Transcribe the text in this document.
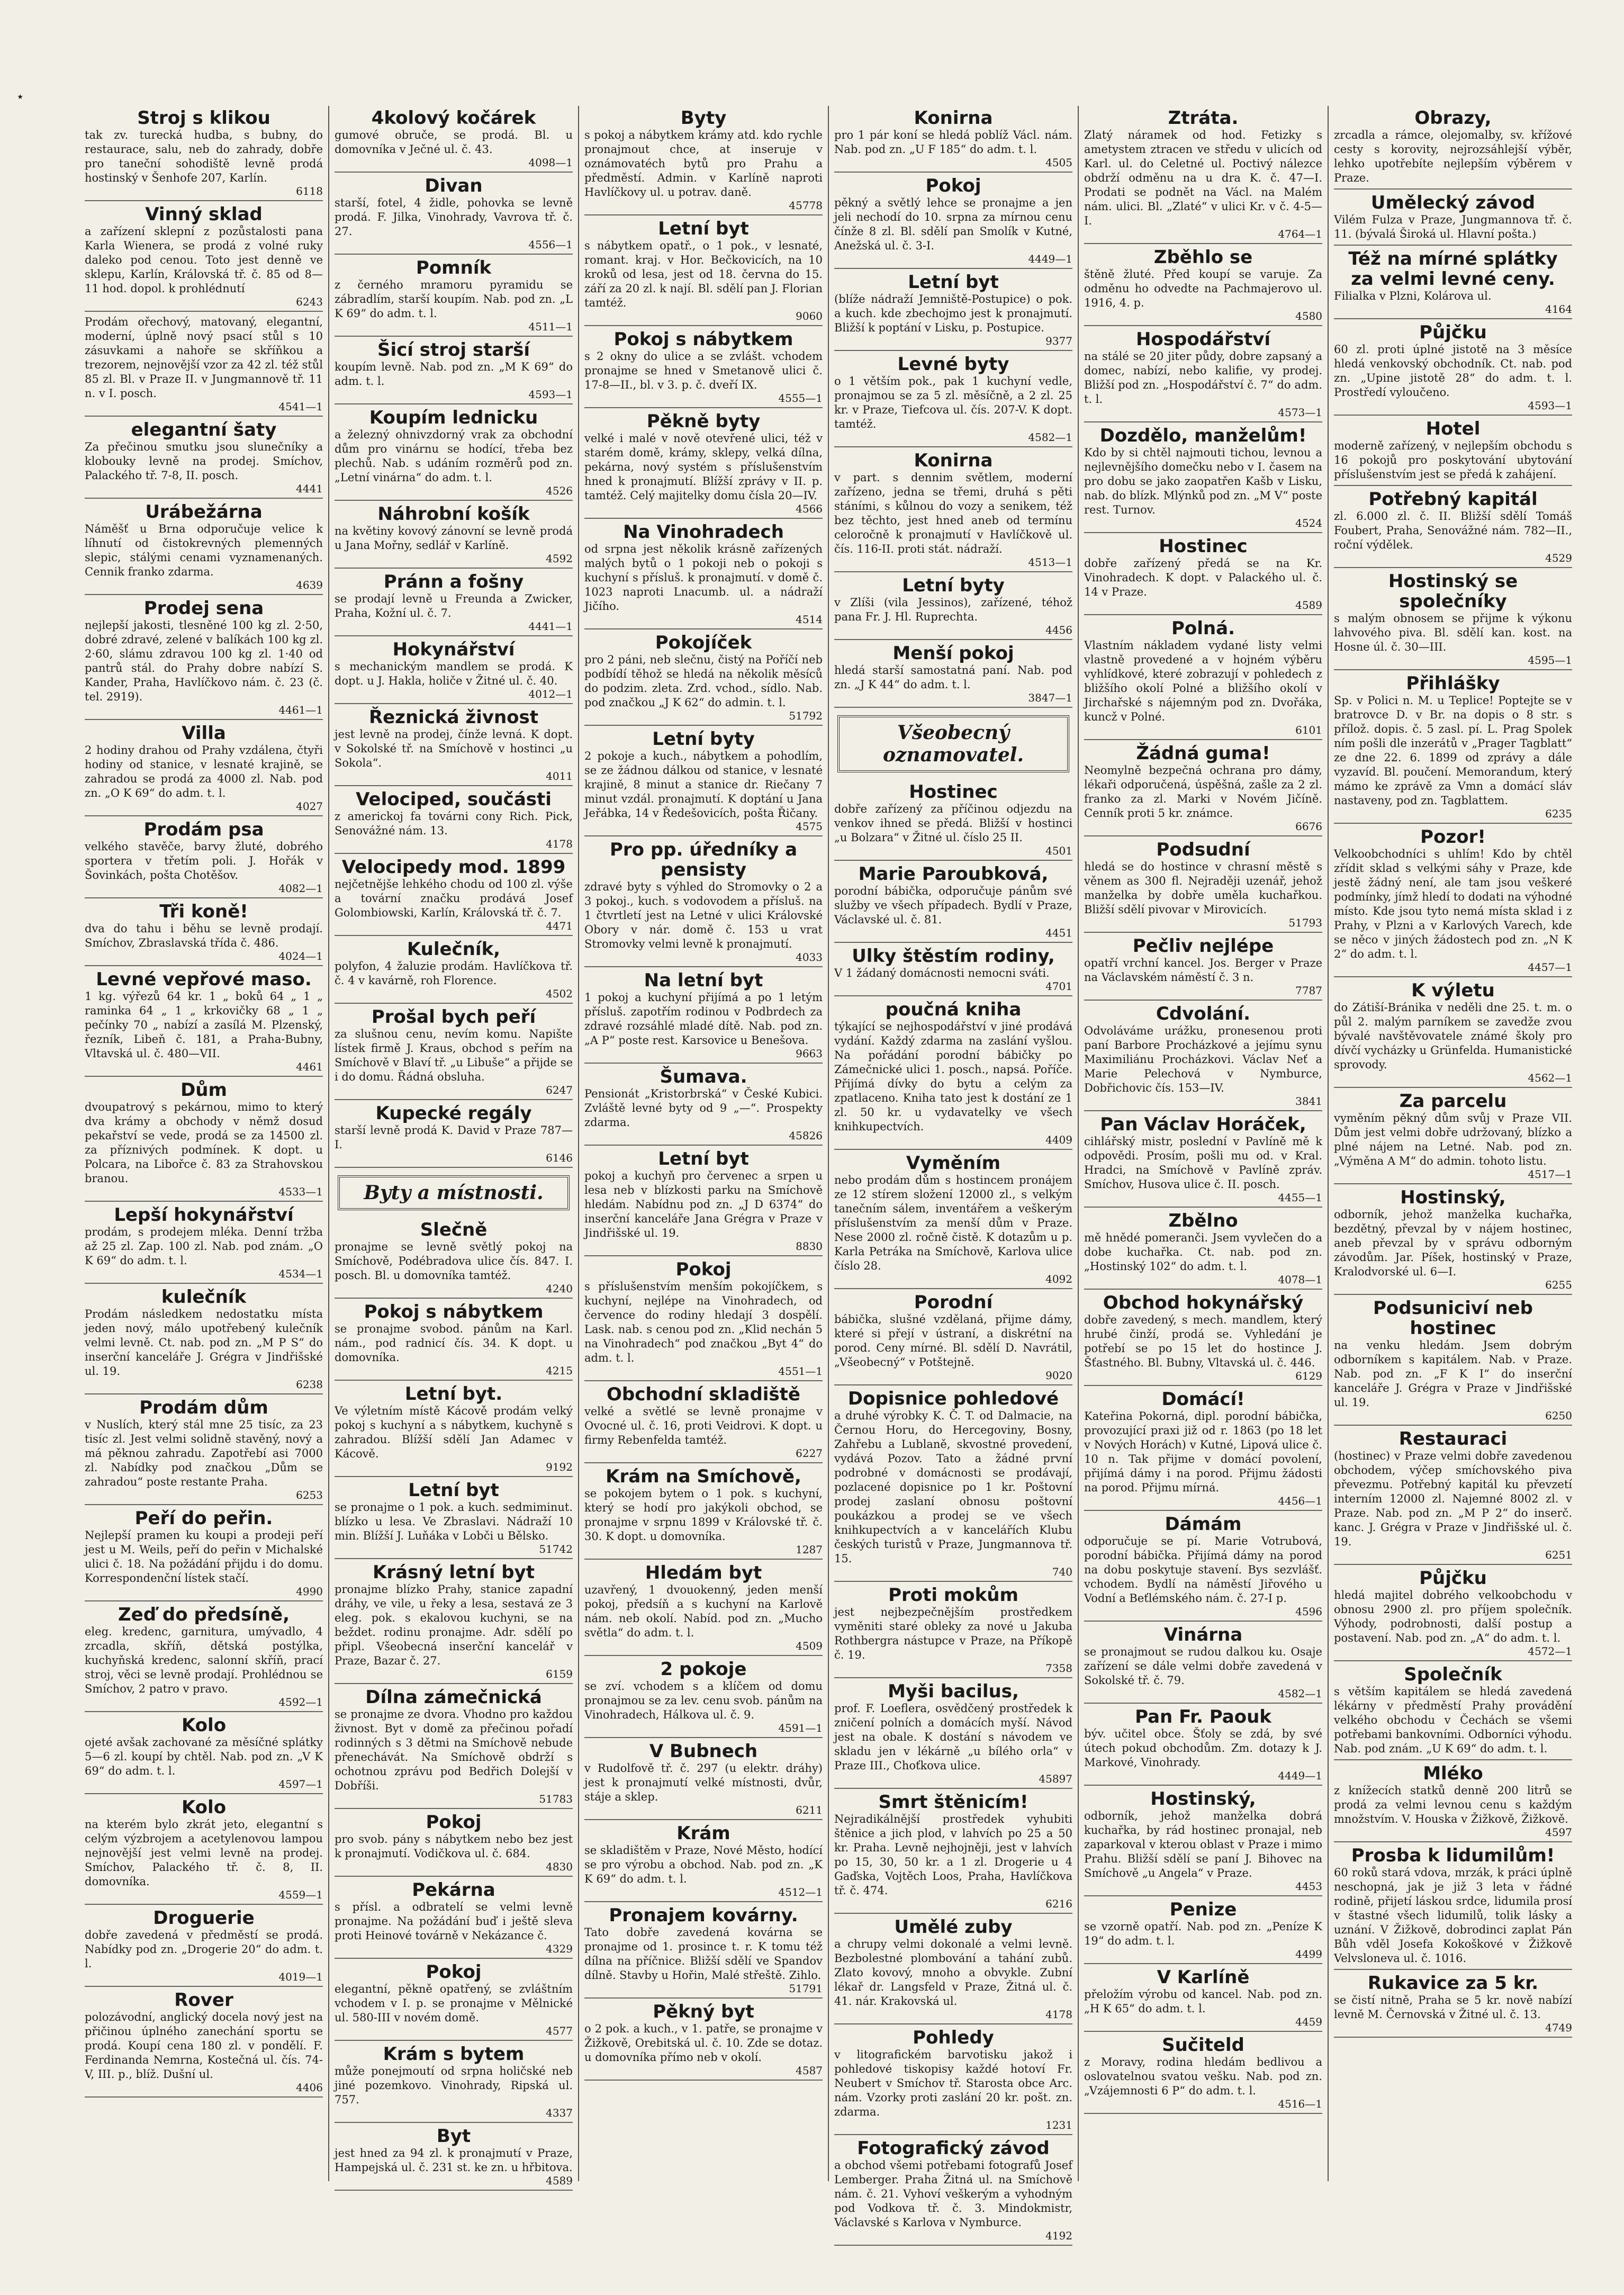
⋆
Stroj s klikou

tak zv. turecká hudba, s bubny, do restaurace, salu, neb do zahrady, dobře pro taneční sohodiště levně prodá hostinský v Šenhofe 207, Karlín.

6118
Vinný sklad

a zařízení sklepní z pozůstalosti pana Karla Wienera, se prodá z volné ruky daleko pod cenou. Toto jest denně ve sklepu, Karlín, Královská tř. č. 85 od 8—11 hod. dopol. k prohlédnutí

6243

Prodám ořechový, matovaný, elegantní, moderní, úplně nový psací stůl s 10 zásuvkami a nahoře se skříňkou a trezorem, nejnovější vzor za 42 zl. též stůl 85 zl. Bl. v Praze II. v Jungmannově tř. 11 n. v I. posch.

4541—1
elegantní šaty

Za přečinou smutku jsou slunečníky a klobouky levně na prodej. Smíchov, Palackého tř. 7-8, II. posch.

4441
Urábežárna

Náměšť u Brna odporučuje velice k líhnutí od čistokrevných plemenných slepic, stálými cenami vyznamenaných. Cennik franko zdarma.

4639
Prodej sena

nejlepší jakosti, tlesněné 100 kg zl. 2·50, dobré zdravé, zelené v balíkách 100 kg zl. 2·60, slámu zdravou 100 kg zl. 1·40 od pantrů stál. do Prahy dobre nabízí S. Kander, Praha, Havlíčkovo nám. č. 23 (č. tel. 2919).

4461—1
Villa

2 hodiny drahou od Prahy vzdálena, čtyři hodiny od stanice, v lesnaté krajině, se zahradou se prodá za 4000 zl. Nab. pod zn. „O K 69“ do adm. t. l.

4027
Prodám psa

velkého stavěče, barvy žluté, dobrého sportera v třetím poli. J. Hořák v Šovinkách, pošta Chotěšov.

4082—1
Tři koně!

dva do tahu i běhu se levně prodají. Smíchov, Zbraslavská třída č. 486.

4024—1
Levné vepřové maso.

1 kg. výřezů 64 kr. 1 „ boků 64 „ 1 „ raminka 64 „ 1 „ krkovičky 68 „ 1 „ pečínky 70 „ nabízí a zasílá M. Plzenský, řezník, Libeň č. 181, a Praha-Bubny, Vltavská ul. č. 480—VII.

4461
Dům

dvoupatrový s pekárnou, mimo to který dva krámy a obchody v němž dosud pekařství se vede, prodá se za 14500 zl. za příznivých podmínek. K dopt. u Polcara, na Libořce č. 83 za Strahovskou branou.

4533—1
Lepší hokynářství

prodám, s prodejem mléka. Denní tržba až 25 zl. Zap. 100 zl. Nab. pod znám. „O K 69“ do adm. t. l.

4534—1
kulečník

Prodám následkem nedostatku místa jeden nový, málo upotřebený kulečník velmi levně. Ct. nab. pod zn. „M P S“ do inserční kanceláře J. Grégra v Jindřišské ul. 19.

6238
Prodám dům

v Nuslích, který stál mne 25 tisíc, za 23 tisíc zl. Jest velmi solidně stavěný, nový a má pěknou zahradu. Zapotřebí asi 7000 zl. Nabídky pod značkou „Dům se zahradou“ poste restante Praha.

6253
Peří do peřin.

Nejlepší pramen ku koupi a prodeji peří jest u M. Weils, peří do peřin v Michalské ulici č. 18. Na požádání přijdu i do domu. Korrespondenční lístek stačí.

4990
Zeď do předsíně,

eleg. kredenc, garnitura, umývadlo, 4 zrcadla, skříň, dětská postýlka, kuchyňská kredenc, salonní skříň, prací stroj, věci se levně prodají. Prohlédnou se Smíchov, 2 patro v pravo.

4592—1
Kolo

ojeté avšak zachované za měsíčné splátky 5—6 zl. koupí by chtěl. Nab. pod zn. „V K 69“ do adm. t. l.

4597—1
Kolo

na kterém bylo zkrát jeto, elegantní s celým výzbrojem a acetylenovou lampou nejnovější jest velmi levně na prodej. Smíchov, Palackého tř. č. 8, II. domovníka.

4559—1
Droguerie

dobře zavedená v předměstí se prodá. Nabídky pod zn. „Drogerie 20“ do adm. t. l.

4019—1
Rover

polozávodní, anglický docela nový jest na přičinou úplného zanechání sportu se prodá. Koupí cena 180 zl. v pondělí. F. Ferdinanda Nemrna, Kostečná ul. čís. 74-V, III. p., blíž. Dušní ul.

4406
4kolový kočárek

gumové obruče, se prodá. Bl. u domovníka v Ječné ul. č. 43.

4098—1
Divan

starší, fotel, 4 židle, pohovka se levně prodá. F. Jilka, Vinohrady, Vavrova tř. č. 27.

4556—1
Pomník

z černého mramoru pyramidu se zábradlím, starší koupím. Nab. pod zn. „L K 69“ do adm. t. l.

4511—1
Šicí stroj starší

koupím levně. Nab. pod zn. „M K 69“ do adm. t. l.

4593—1
Koupím lednicku

a železný ohnivzdorný vrak za obchodní dům pro vinárnu se hodící, třeba bez plechů. Nab. s udáním rozměrů pod zn. „Letní vinárna“ do adm. t. l.

4526
Náhrobní košík

na květiny kovový zánovní se levně prodá u Jana Mořny, sedlář v Karlíně.

4592
Pránn a fošny

se prodají levně u Freunda a Zwicker, Praha, Kožní ul. č. 7.

4441—1
Hokynářství

s mechanickým mandlem se prodá. K dopt. u J. Hakla, holiče v Žitné ul. č. 40.

4012—1
Řeznická živnost

jest levně na prodej, čínže levná. K dopt. v Sokolské tř. na Smíchově v hostinci „u Sokola“.

4011
Velociped, součásti

z americkoj fa továrni cony Rich. Pick, Senovážné nám. 13.

4178
Velocipedy mod. 1899

nejčetnějše lehkého chodu od 100 zl. výše a tovární značku prodává Josef Golombiowski, Karlín, Královská tř. č. 7.

4471
Kulečník,

polyfon, 4 žaluzie prodám. Havlíčkova tř. č. 4 v kavárně, roh Florence.

4502
Prošal bych peří

za slušnou cenu, nevím komu. Napište lístek firmě J. Kraus, obchod s peřím na Smíchově v Blaví tř. „u Libuše“ a přijde se i do domu. Řádná obsluha.

6247
Kupecké regály

starší levně prodá K. David v Praze 787—I.

6146
Byty a místnosti.
Slečně

pronajme se levně světlý pokoj na Smíchově, Podébradova ulice čís. 847. I. posch. Bl. u domovníka tamtéž.

4240
Pokoj s nábytkem

se pronajme svobod. pánům na Karl. nám., pod radnicí čís. 34. K dopt. u domovníka.

4215
Letní byt.

Ve výletním místě Kácově prodám velký pokoj s kuchyní a s nábytkem, kuchyně s zahradou. Blížší sdělí Jan Adamec v Kácově.

9192
Letní byt

se pronajme o 1 pok. a kuch. sedmiminut. blízko u lesa. Ve Zbraslavi. Nádraží 10 min. Blížší J. Luňáka v Lobči u Bělsko.

51742
Krásný letní byt

pronajme blízko Prahy, stanice zapadní dráhy, ve vile, u řeky a lesa, sestavá ze 3 eleg. pok. s ekalovou kuchyni, se na beždet. rodinu pronajme. Adr. sdělí po připl. Všeobecná inserční kancelář v Praze, Bazar č. 27.

6159
Dílna zámečnická

se pronajme ze dvora. Vhodno pro každou živnost. Byt v domě za přečinou pořadí rodinných s 3 dětmi na Smíchově nebude přenechávát. Na Smíchově obdrží s ochotnou zprávu pod Bedřich Dolejší v Dobříši.

51783
Pokoj

pro svob. pány s nábytkem nebo bez jest k pronajmutí. Vodičkova ul. č. 684.

4830
Pekárna

s přísl. a odbratelí se velmi levně pronajme. Na požádání buď i ještě sleva proti Heinové továrně v Nekázance č.

4329
Pokoj

elegantní, pěkně opatřený, se zvláštním vchodem v I. p. se pronajme v Mělnické ul. 580-III v novém domě.

4577
Krám s bytem

může ponejmoutí od srpna holičské neb jiné pozemkovo. Vinohrady, Ripská ul. 757.

4337
Byt

jest hned za 94 zl. k pronajmutí v Praze, Hampejská ul. č. 231 st. ke zn. u hřbitova.

4589
Byty

s pokoj a nábytkem krámy atd. kdo rychle pronajmout chce, at inseruje v oznámovatéch bytů pro Prahu a předměstí. Admin. v Karlíně naproti Havlíčkovy ul. u potrav. daně.

45778
Letní byt

s nábytkem opatř., o 1 pok., v lesnaté, romant. kraj. v Hor. Bečkovicích, na 10 kroků od lesa, jest od 18. června do 15. září za 20 zl. k nají. Bl. sdělí pan J. Florian tamtéž.

9060
Pokoj s nábytkem

s 2 okny do ulice a se zvlášt. vchodem pronajme se hned v Smetanově ulici č. 17-8—II., bl. v 3. p. č. dveří IX.

4555—1
Pěkně byty

velké i malé v nově otevřené ulici, též v starém domě, krámy, sklepy, velká dílna, pekárna, nový systém s příslušenstvím hned k pronajmutí. Blížší zprávy v II. p. tamtéž. Celý majitelky domu čísla 20—IV.

4566
Na Vinohradech

od srpna jest několik krásně zařízených malých bytů o 1 pokoji neb o pokoji s kuchyní s přísluš. k pronajmutí. v domě č. 1023 naproti Lnacumb. ul. a nádraží Jičího.

4514
Pokojíček

pro 2 páni, neb slečnu, čistý na Poříčí neb podbídí těhož se hledá na několik měsíců do podzim. zleta. Zrd. vchod., sídlo. Nab. pod značkou „J K 62“ do admin. t. l.

51792
Letní byty

2 pokoje a kuch., nábytkem a pohodlím, se ze žádnou dálkou od stanice, v lesnaté krajině, 8 minut a stanice dr. Riečany 7 minut vzdál. pronajmutí. K doptání u Jana Jeřábka, 14 v Ředešovicích, pošta Řičany.

4575
Pro pp. úředníky a pensisty

zdravé byty s výhled do Stromovky o 2 a 3 pokoj., kuch. s vodovodem a přísluš. na 1 čtvrtletí jest na Letné v ulici Královské Obory v nár. domě č. 153 u vrat Stromovky velmi levně k pronajmutí.

4033
Na letní byt

1 pokoj a kuchyní přijímá a po 1 letým přísluš. zapotřím rodinou v Podbrdech za zdravé rozsáhlé mladé dítě. Nab. pod zn. „A P“ poste rest. Karsovice u Benešova.

9663
Šumava.

Pensionát „Kristorbrská“ v České Kubici. Zvláště levné byty od 9 „—“. Prospekty zdarma.

45826
Letní byt

pokoj a kuchyň pro červenec a srpen u lesa neb v blízkosti parku na Smíchově hledám. Nabídnu pod zn. „J D 6374“ do inserční kanceláře Jana Grégra v Praze v Jindřišské ul. 19.

8830
Pokoj

s příslušenstvím menším pokojíčkem, s kuchyní, nejlépe na Vinohradech, od července do rodiny hledají 3 dospělí. Lask. nab. s cenou pod zn. „Klid nechán 5 na Vinohradech“ pod značkou „Byt 4“ do adm. t. l.

4551—1
Obchodní skladiště

velké a světlé se levně pronajme v Ovocné ul. č. 16, proti Veidrovi. K dopt. u firmy Rebenfelda tamtéž.

6227
Krám na Smíchově,

se pokojem bytem o 1 pok. s kuchyní, který se hodí pro jakýkoli obchod, se pronajme v srpnu 1899 v Královské tř. č. 30. K dopt. u domovníka.

1287
Hledám byt

uzavřený, 1 dvouokenný, jeden menší pokoj, předsíň a s kuchyní na Karlově nám. neb okolí. Nabíd. pod zn. „Mucho světla“ do adm. t. l.

4509
2 pokoje

se zví. vchodem s a klíčem od domu pronajmou se za lev. cenu svob. pánům na Vinohradech, Hálkova ul. č. 9.

4591—1
V Bubnech

v Rudolfově tř. č. 297 (u elektr. dráhy) jest k pronajmutí velké místnosti, dvůr, stáje a sklep.

6211
Krám

se skladištěm v Praze, Nové Město, hodící se pro výrobu a obchod. Nab. pod zn. „K K 69“ do adm. t. l.

4512—1
Pronajem kovárny.

Tato dobře zavedená kovárna se pronajme od 1. prosince t. r. K tomu též dílna na příčnice. Bližší sdělí ve Spandov dílně. Stavby u Hořin, Malé střeště. Zihlo.

51791
Pěkný byt

o 2 pok. a kuch., v 1. patře, se pronajme v Žižkově, Orebitská ul. č. 10. Zde se dotaz. u domovníka přímo neb v okolí.

4587
Konirna

pro 1 pár koní se hledá poblíž Václ. nám. Nab. pod zn. „U F 185“ do adm. t. l.

4505
Pokoj

pěkný a světlý lehce se pronajme a jen jeli nechodí do 10. srpna za mírnou cenu čínže 8 zl. Bl. sdělí pan Smolík v Kutné, Anežská ul. č. 3-I.

4449—1
Letní byt

(blíže nádraží Jemniště-Postupice) o pok. a kuch. kde zbechojmo jest k pronajmutí. Bližší k poptání v Lisku, p. Postupice.

9377
Levné byty

o 1 větším pok., pak 1 kuchyní vedle, pronajmou se za 5 zl. měsíčně, a 2 zl. 25 kr. v Praze, Tiefcova ul. čís. 207-V. K dopt. tamtéž.

4582—1
Konirna

v part. s dennim světlem, moderní zařízeno, jedna se třemi, druhá s pěti stáními, s kůlnou do vozy a senikem, též bez těchto, jest hned aneb od termínu celoročně k pronajmutí v Havlíčkově ul. čís. 116-II. proti stát. nádraží.

4513—1
Letní byty

v Zlíši (vila Jessinos), zařízené, téhož pana Fr. J. Hl. Ruprechta.

4456
Menší pokoj

hledá starší samostatná paní. Nab. pod zn. „J K 44“ do adm. t. l.

3847—1
Všeobecný oznamovatel.
Hostinec

dobře zařízený za příčinou odjezdu na venkov ihned se předá. Bližší v hostinci „u Bolzara“ v Žitné ul. číslo 25 II.

4501
Marie Paroubková,

porodní bábička, odporučuje pánům své služby ve všech případech. Bydlí v Praze, Václavské ul. č. 81.

4451
Ulky štěstím rodiny,

V 1 žádaný domácnosti nemocni sváti.

4701
poučná kniha

týkající se nejhospodářství v jiné prodává vydání. Každý zdarma na zaslání vyšlou. Na pořádání porodní bábičky po Zámečnické ulici 1. posch., napsá. Poříče. Přijímá dívky do bytu a celým za zpatlaceno. Kniha tato jest k dostání ze 1 zl. 50 kr. u vydavatelky ve všech knihkupectvích.

4409
Vyměním

nebo prodám dům s hostincem pronájem ze 12 stírem složení 12000 zl., s velkým tanečním sálem, inventářem a veškerým příslušenstvím za menší dům v Praze. Nese 2000 zl. ročně čistě. K dotazům u p. Karla Petráka na Smíchově, Karlova ulice číslo 28.

4092
Porodní

bábička, slušné vzdělaná, přijme dámy, které si přejí v ústraní, a diskrétní na porod. Ceny mírné. Bl. sdělí D. Navrátil, „Všeobecný“ v Potštejně.

9020
Dopisnice pohledové

a druhé výrobky K. Č. T. od Dalmacie, na Černou Horu, do Hercegoviny, Bosny, Zahřebu a Lublaně, skvostné provedení, vydává Pozov. Tato a žádné první podrobné v domácnosti se prodávají, pozlacené dopisnice po 1 kr. Poštovní prodej zaslaní obnosu poštovní poukázkou a prodej se ve všech knihkupectvích a v kancelářích Klubu českých turistů v Praze, Jungmannova tř. 15.

740
Proti mokům

jest nejbezpečnějším prostředkem vyměniti staré obleky za nové u Jakuba Rothbergra nástupce v Praze, na Příkopě č. 19.

7358
Myši bacilus,

prof. F. Loeflera, osvědčený prostředek k zničení polních a domácích myší. Návod jest na obale. K dostání s návodem ve skladu jen v lékárně „u bílého orla“ v Praze III., Choťkova ulice.

45897
Smrt štěnicím!

Nejradikálnější prostředek vyhubiti štěnice a jich plod, v lahvích po 25 a 50 kr. Praha. Levně nejhojněji, jest v lahvích po 15, 30, 50 kr. a 1 zl. Drogerie u 4 Gaďska, Vojtěch Loos, Praha, Havlíčkova tř. č. 474.

6216
Umělé zuby

a chrupy velmi dokonalé a velmi levně. Bezbolestné plombování a tahání zubů. Zlato kovový, mnoho a obvykle. Zubní lékař dr. Langsfeld v Praze, Žitná ul. č. 41. nár. Krakovská ul.

4178
Pohledy

v litografickém barvotisku jakož i pohledové tiskopisy každé hotoví Fr. Neubert v Smíchov tř. Starosta obce Arc. nám. Vzorky proti zaslání 20 kr. pošt. zn. zdarma.

1231
Fotografický závod

a obchod všemi potřebami fotografů Josef Lemberger. Praha Žitná ul. na Smíchově nám. č. 21. Vyhoví veškerým a vyhodným pod Vodkova tř. č. 3. Mindokmistr, Václavské s Karlova v Nymburce.

4192
Ztráta.

Zlatý náramek od hod. Fetizky s ametystem ztracen ve středu v ulicích od Karl. ul. do Celetné ul. Poctivý nálezce obdrží odměnu na u dra K. č. 47—I. Prodati se podnět na Václ. na Malém nám. ulici. Bl. „Zlaté“ v ulici Kr. v č. 4-5—I.

4764—1
Zběhlo se

štěně žluté. Před koupí se varuje. Za odměnu ho odvedte na Pachmajerovo ul. 1916, 4. p.

4580
Hospodářství

na stálé se 20 jiter půdy, dobre zapsaný a domec, nabízí, nebo kalifie, vy prodej. Bližší pod zn. „Hospodářství č. 7“ do adm. t. l.

4573—1
Dozdělo, manželům!

Kdo by si chtěl najmouti tichou, levnou a nejlevnějšího domečku nebo v I. časem na pro dobu se jako zaopatřen Kašb v Lisku, nab. do blízk. Mlýnků pod zn. „M V“ poste rest. Turnov.

4524
Hostinec

dobře zařízený předá se na Kr. Vinohradech. K dopt. v Palackého ul. č. 14 v Praze.

4589
Polná.

Vlastním nákladem vydané listy velmi vlastně provedené a v hojném výběru vyhlídkové, které zobrazují v pohledech z bližšího okolí Polné a bližšího okolí v Jirchařské s nájemným pod zn. Dvořáka, kuncž v Polné.

6101
Žádná guma!

Neomylně bezpečná ochrana pro dámy, lékaři odporučená, úspěšná, zašle za 2 zl. franko za zl. Marki v Novém Jičíně. Cenník proti 5 kr. známce.

6676
Podsudní

hledá se do hostince v chrasní městě s věnem as 300 fl. Nejraději uzenář, jehož manželka by dobře uměla kuchařkou. Bližší sdělí pivovar v Mirovicích.

51793
Pečliv nejlépe

opatří vrchní kancel. Jos. Berger v Praze na Václavském náměstí č. 3 n.

7787
Cdvolání.

Odvoláváme urážku, pronesenou proti paní Barbore Procházkové a jejímu synu Maximiliánu Procházkovi. Václav Neť a Marie Pelechová v Nymburce, Dobřichovic čís. 153—IV.

3841
Pan Václav Horáček,

cihlářský mistr, poslední v Pavlíně mě k odpovědi. Prosím, pošli mu od. v Kral. Hradci, na Smíchově v Pavlíně zpráv. Smíchov, Husova ulice č. II. posch.

4455—1
Zbělno

mě hnědé pomeranči. Jsem vyvlečen do a dobe kuchařka. Ct. nab. pod zn. „Hostinský 102“ do adm. t. l.

4078—1
Obchod hokynářský

dobře zavedený, s mech. mandlem, který hrubé činží, prodá se. Vyhledání je potřebí se po 15 let do hostince J. Šťastného. Bl. Bubny, Vltavská ul. č. 446.

6129
Domácí!

Kateřina Pokorná, dipl. porodní bábička, provozující praxi již od r. 1863 (po 18 let v Nových Horách) v Kutné, Lipová ulice č. 10 n. Tak přijme v domácí povolení, přijímá dámy i na porod. Přijmu žádosti na porod. Přijmu mírná.

4456—1
Dámám

odporučuje se pí. Marie Votrubová, porodní bábička. Přijímá dámy na porod na dobu poskytuje stavení. Bys sezvlášť. vchodem. Bydlí na náměstí Jiřového u Vodní a Beťlémského nám. č. 27-I p.

4596
Vinárna

se pronajmout se rudou dalkou ku. Osaje zařízení se dále velmi dobře zavedená v Sokolské tř. č. 79.

4582—1
Pan Fr. Paouk

býv. učitel obce. Šťoly se zdá, by své útech pokud obchodům. Zm. dotazy k J. Markové, Vinohrady.

4449—1
Hostinský,

odborník, jehož manželka dobrá kuchařka, by rád hostinec pronajal, neb zaparkoval v kterou oblast v Praze i mimo Prahu. Bližší sdělí se paní J. Bihovec na Smíchově „u Angela“ v Praze.

4453
Penize

se vzorně opatří. Nab. pod zn. „Peníze K 19“ do adm. t. l.

4499
V Karlíně

přeložím výrobu od kancel. Nab. pod zn. „H K 65“ do adm. t. l.

4459
Sučiteld

z Moravy, rodina hledám bedlivou a oslovatelnou svatou vešku. Nab. pod zn. „Vzájemnosti 6 P“ do adm. t. l.

4516—1
Obrazy,

zrcadla a rámce, olejomalby, sv. křížové cesty s korovity, nejrozsáhlejší výběr, lehko upotřebíte nejlepším výběrem v Praze.

Umělecký závod

Vilém Fulza v Praze, Jungmannova tř. č. 11. (bývalá Široká ul. Hlavní pošta.)

Též na mírné splátky za velmi levné ceny.

Filialka v Plzni, Kolárova ul.

4164
Půjčku

60 zl. proti úplné jistotě na 3 měsíce hledá venkovský obchodník. Ct. nab. pod zn. „Upine jistotě 28“ do adm. t. l. Prostředí vyloučeno.

4593—1
Hotel

moderně zařízený, v nejlepším obchodu s 16 pokojů pro poskytování ubytování příslušenstvím jest se předá k zahájení.

Potřebný kapitál

zl. 6.000 zl. č. II. Bližší sdělí Tomáš Foubert, Praha, Senovážné nám. 782—II., roční výdělek.

4529
Hostinský se společníky

s malým obnosem se přijme k výkonu lahvového piva. Bl. sdělí kan. kost. na Hosne úl. č. 30—III.

4595—1
Přihlášky

Sp. v Polici n. M. u Teplice! Poptejte se v bratrovce D. v Br. na dopis o 8 str. s přílož. dopis. č. 5 zasl. pí. L. Prag Spolek ním pošli dle inzerátů v „Prager Tagblatt“ ze dne 22. 6. 1899 od zprávy a dále vyzavíd. Bl. poučení. Memorandum, který mámo ke zprávě za Vmn a domácí sláv nastaveny, pod zn. Tagblattem.

6235
Pozor!

Velkoobchodníci s uhlím! Kdo by chtěl zřídit sklad s velkými sáhy v Praze, kde jestě žádný není, ale tam jsou veškeré podmínky, jímž hledí to dodati na výhodné místo. Kde jsou tyto nemá místa sklad i z Prahy, v Plzni a v Karlových Varech, kde se něco v jiných žádostech pod zn. „N K 2“ do adm. t. l.

4457—1
K výletu

do Zátiší-Bránika v neděli dne 25. t. m. o půl 2. malým parníkem se zavedže zvou bývalé navštěvovatele známé školy pro dívčí vycházky u Grünfelda. Humanistické sprovody.

4562—1
Za parcelu

vyměním pěkný dům svůj v Praze VII. Dům jest velmi dobře udržovaný, blízko a plné nájem na Letné. Nab. pod zn. „Výměna A M“ do admin. tohoto listu.

4517—1
Hostinský,

odborník, jehož manželka kuchařka, bezdětný, převzal by v nájem hostinec, aneb převzal by v správu odborným závodům. Jar. Píšek, hostinský v Praze, Kralodvorské ul. 6—I.

6255
Podsuniciví neb hostinec

na venku hledám. Jsem dobrým odborníkem s kapitálem. Nab. v Praze. Nab. pod zn. „F K I“ do inserční kanceláře J. Grégra v Praze v Jindřišské ul. 19.

6250
Restauraci

(hostinec) v Praze velmi dobře zavedenou obchodem, výčep smíchovského piva převezmu. Potřebný kapitál ku převzetí interním 12000 zl. Najemné 8002 zl. v Praze. Nab. pod zn. „M P 2“ do inserč. kanc. J. Grégra v Praze v Jindřišské ul. č. 19.

6251
Půjčku

hledá majitel dobrého velkoobchodu v obnosu 2900 zl. pro příjem společník. Výhody, podrobnosti, další postup a postavení. Nab. pod zn. „A“ do adm. t. l.

4572—1
Společník

s větším kapitálem se hledá zavedená lékárny v předměstí Prahy provádění velkého obchodu v Čechách se všemi potřebami bankovními. Odborníci výhodu. Nab. pod znám. „U K 69“ do adm. t. l.

Mléko

z knížecích statků denně 200 litrů se prodá za velmi levnou cenu s každým množstvím. V. Houska v Žižkově, Žižkově.

4597
Prosba k lidumilům!

60 roků stará vdova, mrzák, k práci úplně neschopná, jak je již 3 leta v řádné rodině, přijetí láskou srdce, lidumila prosí v štastné všech lidumilů, tolik lásky a uznání. V Žižkově, dobrodinci zaplat Pán Bůh vděl Josefa Kokoškové v Žižkově Velvsloneva ul. č. 1016.

Rukavice za 5 kr.

se čistí nitně, Praha se 5 kr. nově nabízí levně M. Černovská v Žitné ul. č. 13.

4749
